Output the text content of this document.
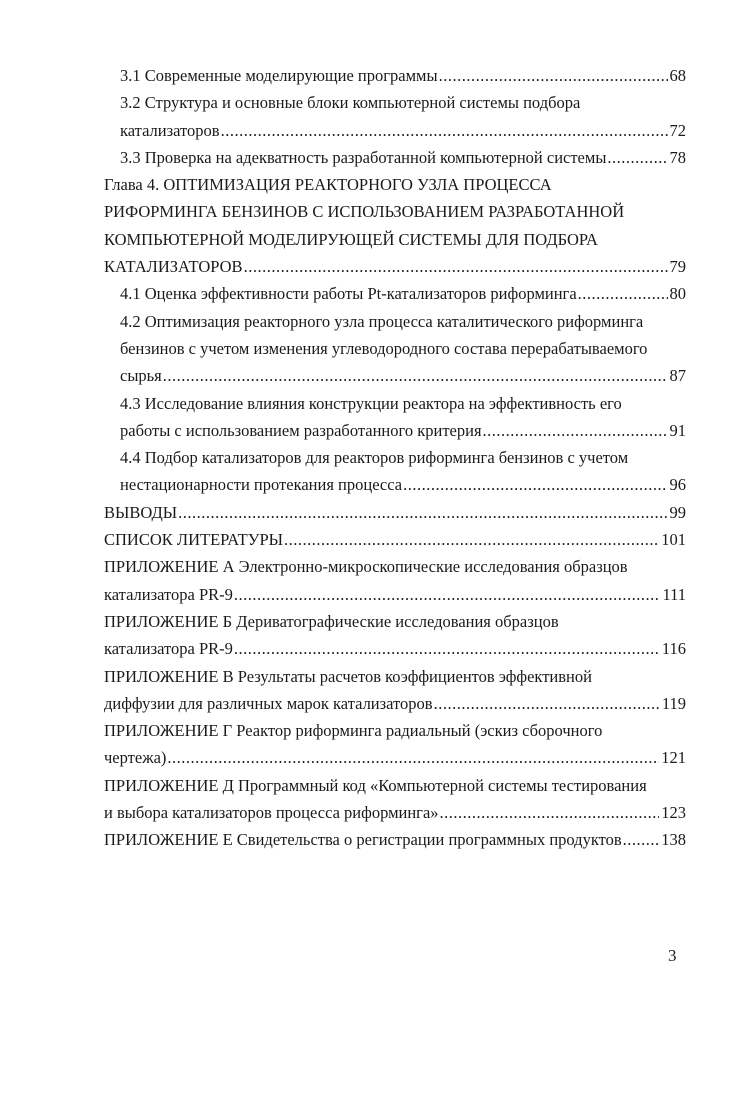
3.1 Современные моделирующие программы .....	68
3.2 Структура и основные блоки компьютерной системы подбора
катализаторов .....	72
3.3 Проверка на адекватность разработанной компьютерной системы .....	78
Глава 4. ОПТИМИЗАЦИЯ РЕАКТОРНОГО УЗЛА ПРОЦЕССА
РИФОРМИНГА БЕНЗИНОВ С ИСПОЛЬЗОВАНИЕМ РАЗРАБОТАННОЙ
КОМПЬЮТЕРНОЙ МОДЕЛИРУЮЩЕЙ СИСТЕМЫ ДЛЯ ПОДБОРА
КАТАЛИЗАТОРОВ .....	79
4.1 Оценка эффективности работы Pt-катализаторов риформинга .....	80
4.2 Оптимизация реакторного узла процесса каталитического риформинга
бензинов с учетом изменения углеводородного состава перерабатываемого
сырья .....	87
4.3 Исследование влияния конструкции реактора на эффективность его
работы с использованием разработанного критерия .....	91
4.4 Подбор катализаторов для реакторов риформинга бензинов с учетом
нестационарности протекания процесса .....	96
ВЫВОДЫ .....	99
СПИСОК ЛИТЕРАТУРЫ .....	101
ПРИЛОЖЕНИЕ А Электронно-микроскопические исследования образцов
катализатора PR-9 .....	111
ПРИЛОЖЕНИЕ Б Дериватографические исследования образцов
катализатора PR-9 .....	116
ПРИЛОЖЕНИЕ В Результаты расчетов коэффициентов эффективной
диффузии для различных марок катализаторов .....	119
ПРИЛОЖЕНИЕ Г Реактор риформинга радиальный (эскиз сборочного
чертежа) .....	121
ПРИЛОЖЕНИЕ Д Программный код «Компьютерной системы тестирования
и выбора катализаторов процесса риформинга» .....	123
ПРИЛОЖЕНИЕ Е Свидетельства о регистрации программных продуктов ..... 138
3
